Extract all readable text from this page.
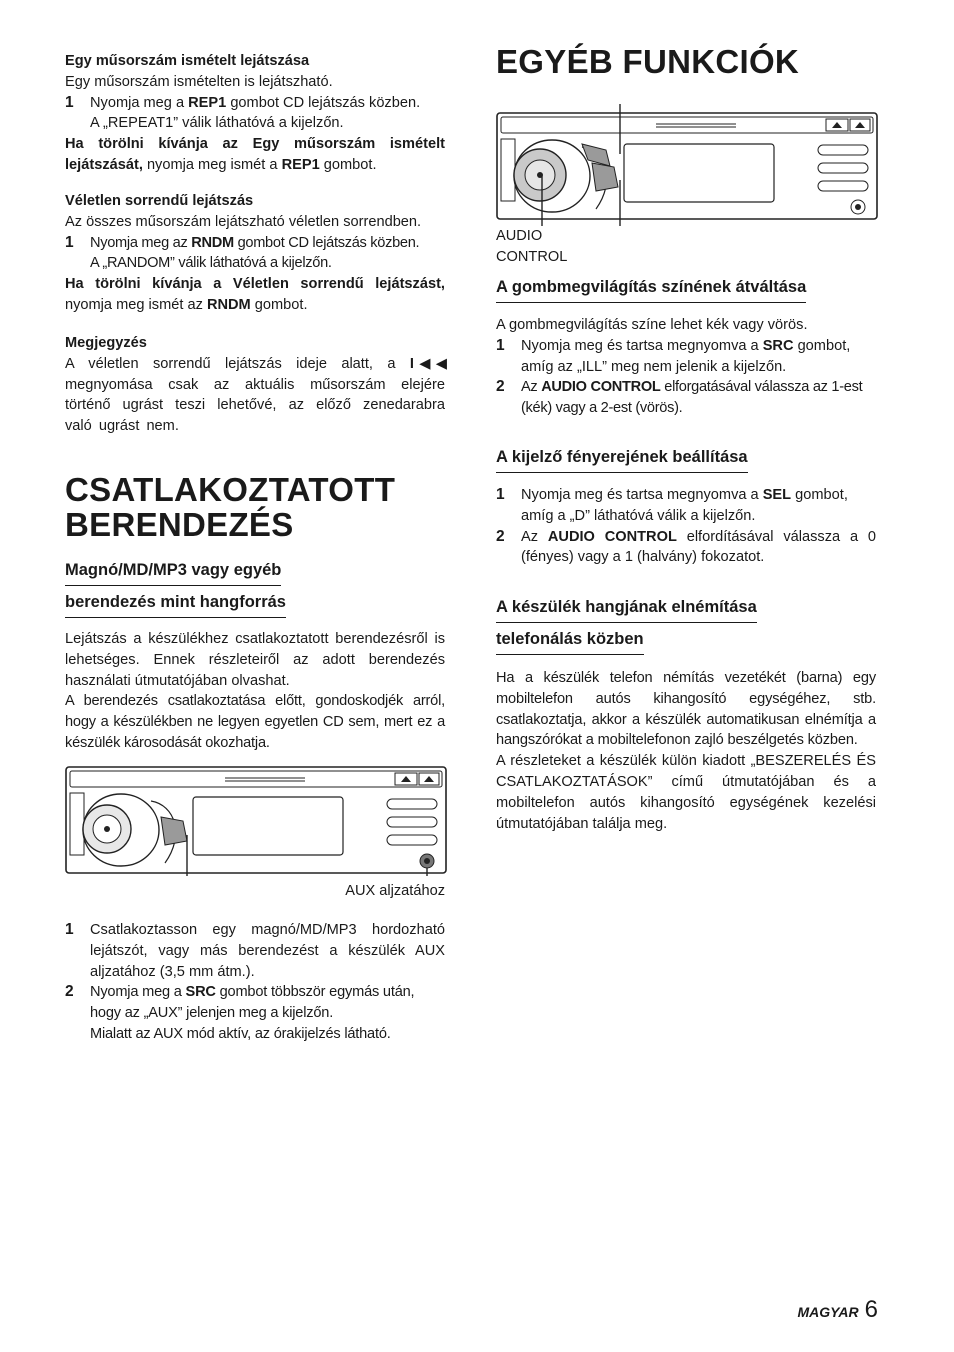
Egy műsorszám ismételt lejátszása

Egy műsorszám ismételten is lejátszható.

1	Nyomja meg a REP1 gombot CD lejátszás közben.
A „REPEAT1” válik láthatóvá a kijelzőn.

Ha törölni kívánja az Egy műsorszám ismételt lejátszását, nyomja meg ismét a REP1 gombot.

Véletlen sorrendű lejátszás

Az összes műsorszám lejátszható véletlen sorrendben.

1	Nyomja meg az RNDM gombot CD lejátszás közben.
A „RANDOM” válik láthatóvá a kijelzőn.

Ha törölni kívánja a Véletlen sorrendű lejátszást, nyomja meg ismét az RNDM gombot.

Megjegyzés

A véletlen sorrendű lejátszás ideje alatt, a I◀◀ megnyomása csak az aktuális műsorszám elejére történő ugrást teszi lehetővé, az előző zenedarabra való ugrást nem.

CSATLAKOZTATOTT

BERENDEZÉS

Magnó/MD/MP3 vagy egyéb
berendezés mint hangforrás

Lejátszás a készülékhez csatlakoztatott berendezésről is lehetséges. Ennek részleteiről az adott berendezés használati útmutatójában olvashat.

A berendezés csatlakoztatása előtt, gondoskodjék arról, hogy a készülékben ne legyen egyetlen CD sem, mert ez a készülék károsodását okozhatja.

AUX aljzatához
1	Csatlakoztasson egy magnó/MD/MP3 hordozható lejátszót, vagy más berendezést a készülék AUX aljzatához (3,5 mm átm.).
2	Nyomja meg a SRC gombot többször egymás után, hogy az „AUX” jelenjen meg a kijelzőn.
Mialatt az AUX mód aktív, az órakijelzés látható.

EGYÉB FUNKCIÓK

AUDIO
CONTROL
A gombmegvilágítás színének átváltása

A gombmegvilágítás színe lehet kék vagy vörös.

1	Nyomja meg és tartsa megnyomva a SRC gombot, amíg az „ILL” meg nem jelenik a kijelzőn.
2	Az AUDIO CONTROL elforgatásával válassza az 1-est (kék) vagy a 2-est (vörös).
A kijelző fényerejének beállítása
1	Nyomja meg és tartsa megnyomva a SEL gombot, amíg a „D” láthatóvá válik a kijelzőn.
2	Az AUDIO CONTROL elfordításával válassza a 0 (fényes) vagy a 1 (halvány) fokozatot.
A készülék hangjának elnémítása
telefonálás közben

Ha a készülék telefon némítás vezetékét (barna) egy mobiltelefon autós kihangosító egységéhez, stb. csatlakoztatja, akkor a készülék automatikusan elnémítja a hangszórókat a mobiltelefonon zajló beszélgetés közben.

A részleteket a készülék külön kiadott „BESZERELÉS ÉS CSATLAKOZTATÁSOK” című útmutatójában és a mobiltelefon autós kihangosító egységének kezelési útmutatójában találja meg.

MAGYAR 6
